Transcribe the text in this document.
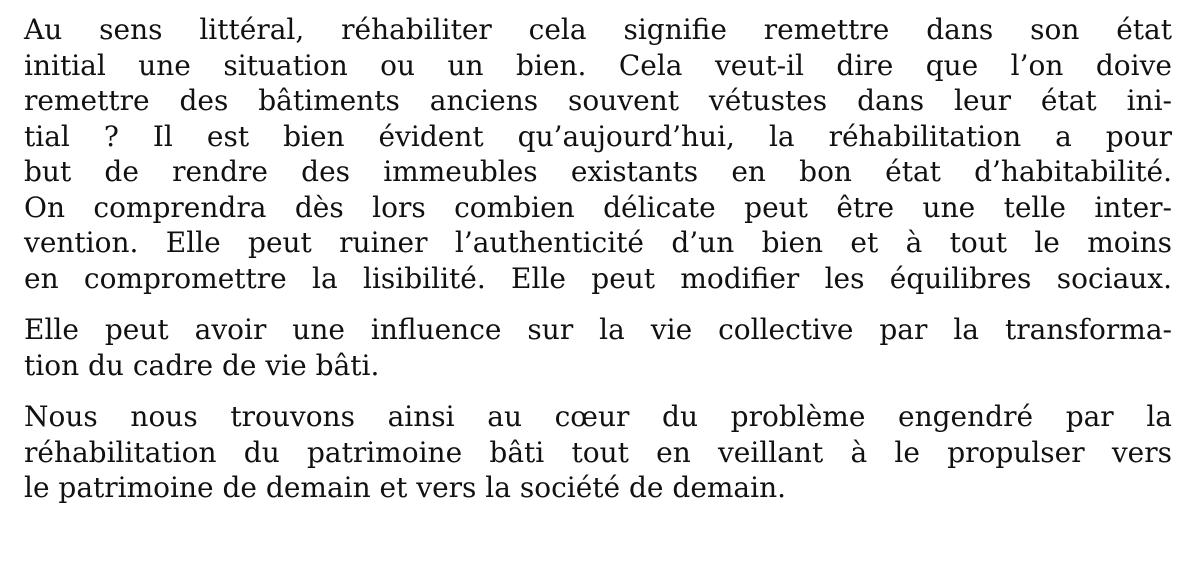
Au sens littéral, réhabiliter cela signifie remettre dans son état
initial une situation ou un bien. Cela veut-il dire que l’on doive
remettre des bâtiments anciens souvent vétustes dans leur état ini-
tial ? Il est bien évident qu’aujourd’hui, la réhabilitation a pour
but de rendre des immeubles existants en bon état d’habitabilité.
On comprendra dès lors combien délicate peut être une telle inter-
vention. Elle peut ruiner l’authenticité d’un bien et à tout le moins
en compromettre la lisibilité. Elle peut modifier les équilibres sociaux.

Elle peut avoir une influence sur la vie collective par la transforma-
tion du cadre de vie bâti.

Nous nous trouvons ainsi au cœur du problème engendré par la
réhabilitation du patrimoine bâti tout en veillant à le propulser vers
le patrimoine de demain et vers la société de demain.
